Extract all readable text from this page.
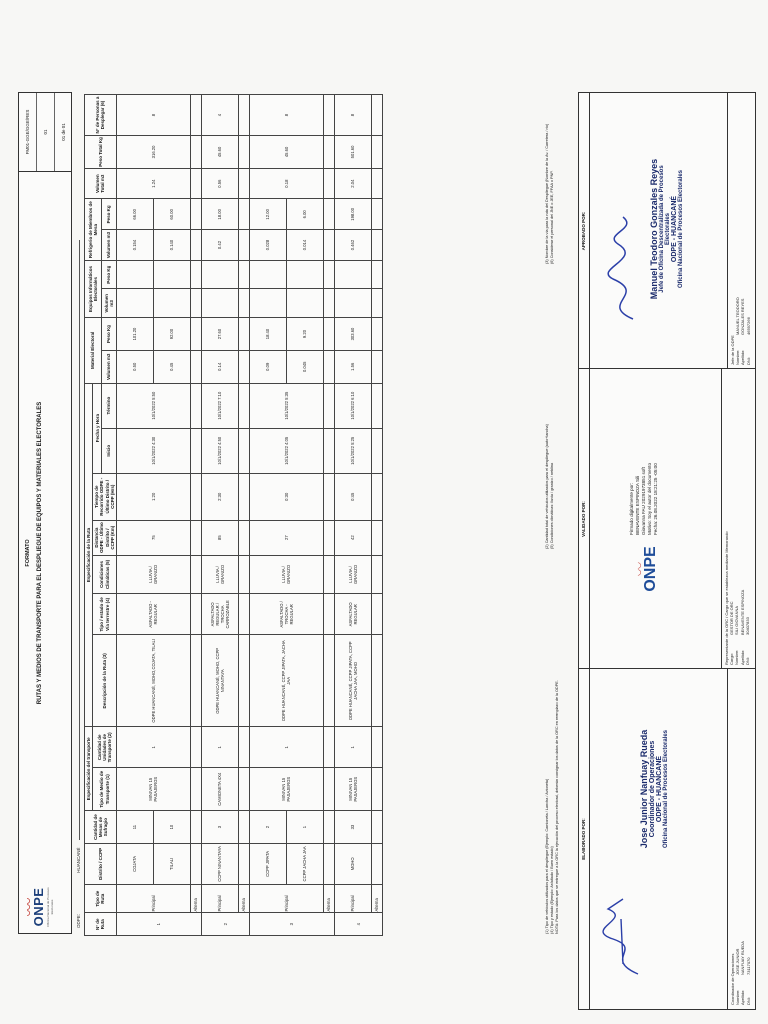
◡◡◡ ONPE Oficina Nacional de Procesos Electorales
FORMATO RUTAS Y MEDIOS DE TRANSPORTE PARA EL DESPLIEGUE DE EQUIPOS Y MATERIALES ELECTORALES
FM01-GGE/GGE/RES	01	01 de 01
ODPE: HUANCANÉ
N° de Ruta	Tipo de Ruta	Distrito / CCPP	Cantidad de Mesas de Sufragio	Especificación del transporte		Especificación de la Ruta							Material Electoral		Equipos Informáticos Electorales		Refrigerio de Miembros de Mesa		Volumen Total m3	Peso Total Kg	N° de Personas a Desplegar (6)
				Tipo de Medio de Transporte (1)	Cantidad de Unidades de Transporte (2)	Descripción de la Ruta (3)	Tipo / estado de Vía terrestre (4)	Condiciones Climáticas (5)	Distancia ODPE - Último Distrito / CCPP (Km)	Tiempo de Recorrido ODPE - Último Distrito / CCPP (Hrs)	Fecha y Hora										
											Inicio	Término	Volumen m3	Peso Kg	Volumen m3	Peso Kg	Volumen m3	Peso Kg			
1	Principal	COJATA	11	MINIVAN 15 PASAJEROS	1	ODPE HUANCANÉ, MOHO,COJATA, TILALI	ASFALTADO - REGULAR	LLUVIA / GRANIZO	75	1:20	10/1/2022 4:30	10/1/2022 5:50	0.50	101.20			0.154	66.00	1.24	316.20	8
		TILALI	10										0.45	92.00			0.140	60.00			
	Alterna																				
2	Principal	CCPP NINANTAYA	3	CAMIONETA 4X4	1	ODPE HUANCANÉ, MOHO, CCPP NINANTAYA	ASFALTADO REGULAR / TROCHA CARROZABLE	LLUVIA / GRANIZO	85	2:30	10/1/2022 4:50	10/1/2022 7:10	0.14	27.60			0.42	18.00	0.56	45.60	4
	Alterna																				
3	Principal	CCPP JIPATA	2	MINIVAN 15 PASAJEROS	1	ODPE HUANCANÉ, CCPP JIPATA, JACHA JAA	ASFALTADO / TROCHA - REGULAR	LLUVIA / GRANIZO	27	0:30	10/1/2022 4:05	10/1/2022 5:35	0.09	18.40			0.028	12.00	0.18	45.60	8
		CCPP JACHA JAA	1										0.045	9.20			0.014	6.00			
	Alterna																				
4	Principal	MOHO	33	MINIVAN 15 PASAJEROS	1	ODPE HUANCANÉ, CCPP JIPATA, CCPP JACHA JAA, MOHO	ASFALTADO REGULAR	LLUVIA / GRANIZO	42	0:45	10/1/2022 5:25	10/1/2022 6:10	1.56	303.60			0.462	198.00	2.04	501.60	8
	Alterna																					(1) Tipo de vehículos utilizados para el despliegue (Ejemplo: Camioneta / Lancha / Avioneta) (4) Tipo y estado (Ejemplo: Asfaltado / Buen estado) NOTA: Para los datos que se entregue a la ORC la ejecución del proceso electoral, deberán consignar los datos de la ORC en reemplazo de la ODPE.
(2) Cantidad total de vehículos utilizados para el despliegue (auto+lancha) (5) Condiciones climáticas: lluvia / granizo / neblina
(3) Nombre de la vía para la ruta del Despliegue (Nombre de la Av. / Carretera / río) (6) Considerar el personal del JNE o JEE, FFAA o PNP.
ELABORADO POR:	Jose Junior Nanfuay Rueda Coordinador de Operaciones ODPE - HUANCANÉ Oficina Nacional de Procesos Electorales
Coordinador de Operaciones Nombre:JOSE JUNIOR
Apellido:NANFUAY RUEDA
DNI:73117070
VALIDADO POR:
◡◡ ONPE
Firmado digitalmente por: BENAVENTE ESPINOZA Sili Giovanna FAU 20291973851 soft Motivo: Soy el autor del documento Fecha: 26.08.2022 18:21:25 -05:00
Representante de la ORC / Cargo que se establezca mediante Memorando Cargo:GESTOR DE ORC
Nombre:SILI GIOVANNA
Apellido:BENAVENTE ESPINOZA
DNI:30407833
APROBADO POR:	Manuel Teodoro Gonzales Reyes Jefe de Oficina Descentralizada de Procesos Electorales ODPE - HUANCANÉ Oficina Nacional de Procesos Electorales
Jefe de la ODPE Nombre:MANUEL TEODORO
Apellido:GONZALES REYES
DNI:46597266
